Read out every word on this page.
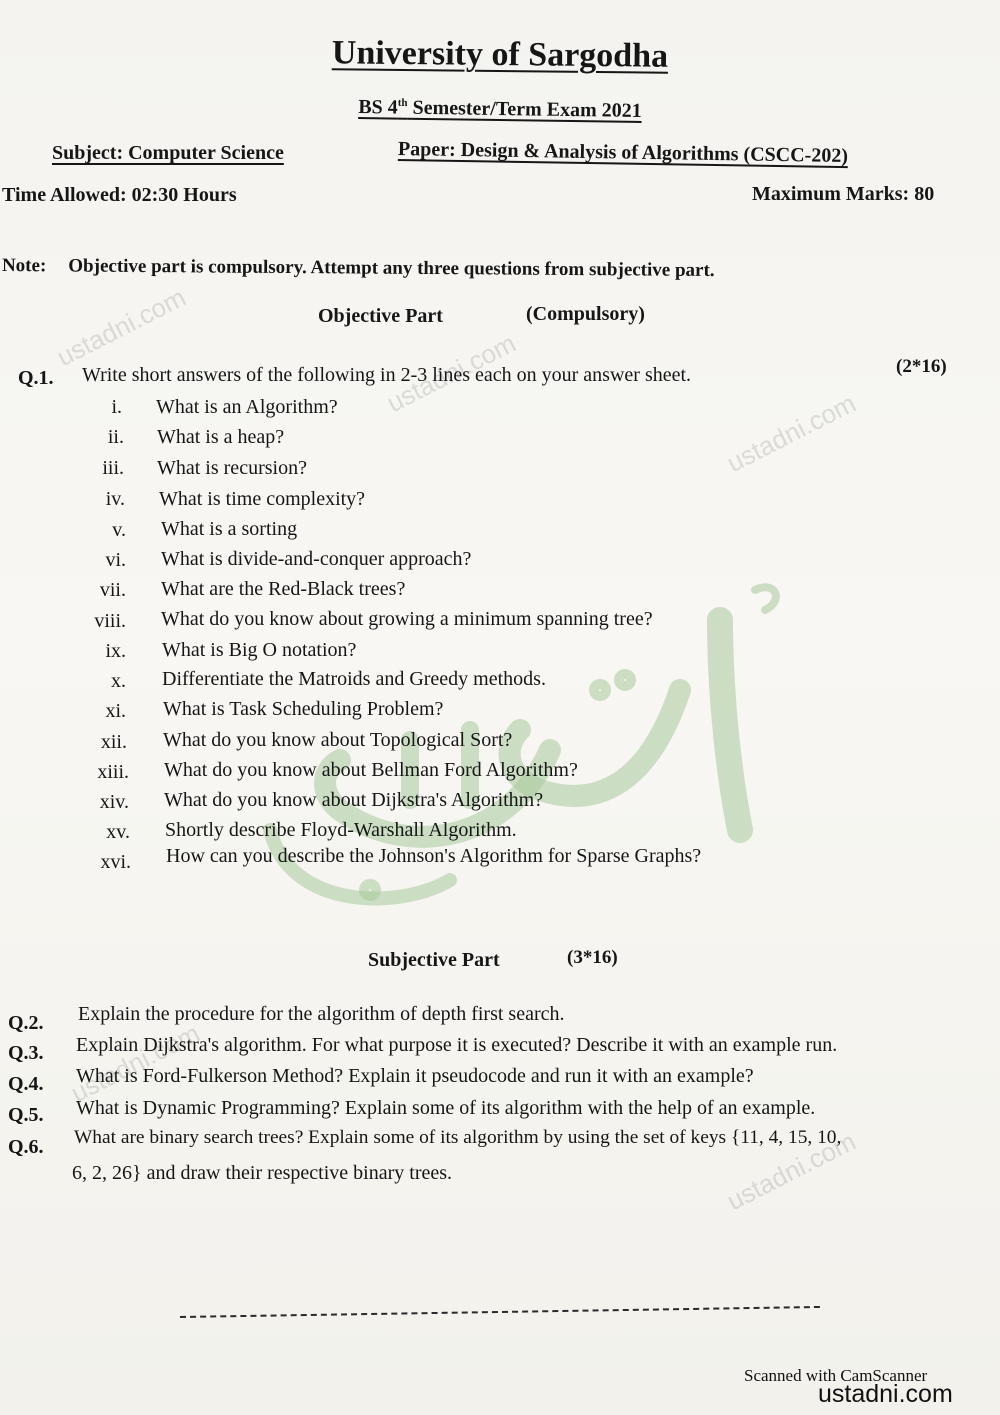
ustadni.com
ustadni.com
ustadni.com
ustadni.com
ustadni.com
University of Sargodha
BS 4th Semester/Term Exam 2021
Subject: Computer Science	Paper: Design & Analysis of Algorithms (CSCC-202)
Time Allowed: 02:30 Hours	Maximum Marks: 80
Note: Objective part is compulsory. Attempt any three questions from subjective part.
Objective Part	(Compulsory)
Q.1. Write short answers of the following in 2-3 lines each on your answer sheet.	(2*16)
i. What is an Algorithm?
ii. What is a heap?
iii. What is recursion?
iv. What is time complexity?
v. What is a sorting
vi. What is divide-and-conquer approach?
vii. What are the Red-Black trees?
viii. What do you know about growing a minimum spanning tree?
ix. What is Big O notation?
x. Differentiate the Matroids and Greedy methods.
xi. What is Task Scheduling Problem?
xii. What do you know about Topological Sort?
xiii. What do you know about Bellman Ford Algorithm?
xiv. What do you know about Dijkstra's Algorithm?
xv. Shortly describe Floyd-Warshall Algorithm.
xvi. How can you describe the Johnson's Algorithm for Sparse Graphs?
Subjective Part	(3*16)
Q.2. Explain the procedure for the algorithm of depth first search.
Q.3. Explain Dijkstra's algorithm. For what purpose it is executed? Describe it with an example run.
Q.4. What is Ford-Fulkerson Method? Explain it pseudocode and run it with an example?
Q.5. What is Dynamic Programming? Explain some of its algorithm with the help of an example.
Q.6. What are binary search trees? Explain some of its algorithm by using the set of keys {11, 4, 15, 10,
6, 2, 26} and draw their respective binary trees.
Scanned with CamScanner
ustadni.com
